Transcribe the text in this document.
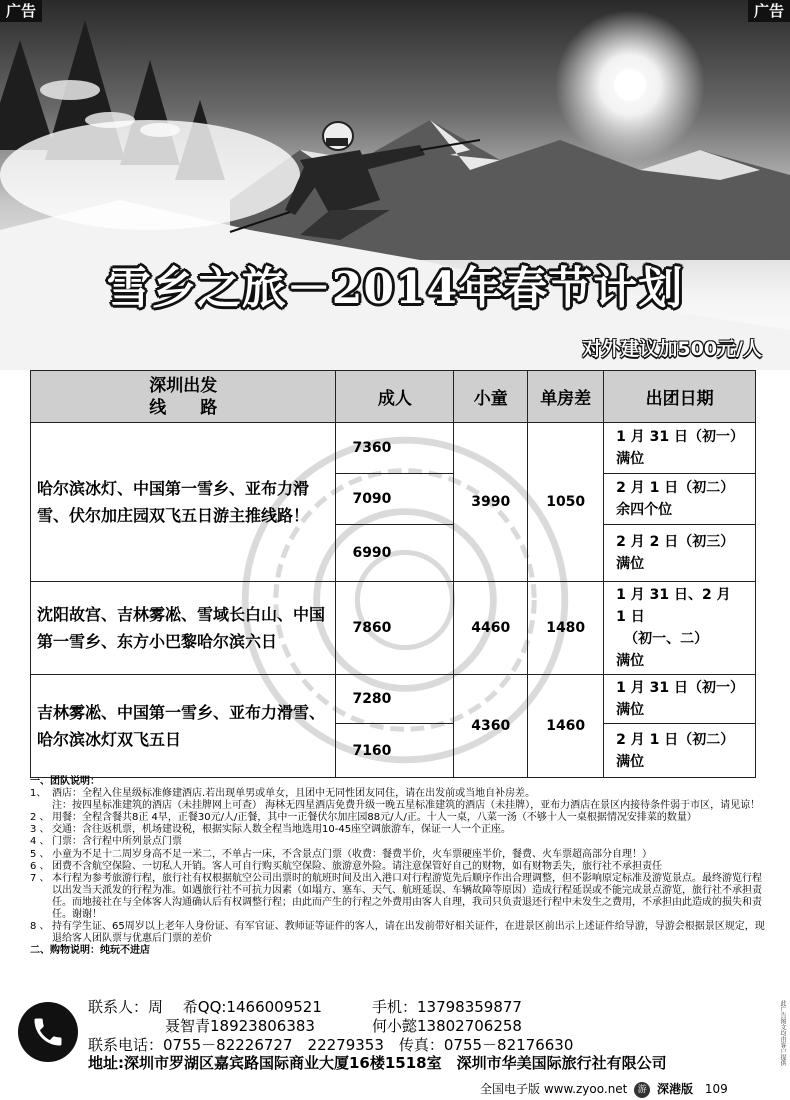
广告	广告
雪乡之旅－2014年春节计划
对外建议加500元/人
深圳出发
线　　路	成人	小童	单房差	出团日期
哈尔滨冰灯、中国第一雪乡、亚布力滑雪、伏尔加庄园双飞五日游主推线路！	7360	3990	1050	1 月 31 日（初一）
满位

	7090			2 月 1 日（初二）
余四个位

	6990			2 月 2 日（初三）
满位

沈阳故宫、吉林雾凇、雪域长白山、中国第一雪乡、东方小巴黎哈尔滨六日	7860	4460	1480	1 月 31 日、2 月 1 日
（初一、二）
满位

吉林雾凇、中国第一雪乡、亚布力滑雪、哈尔滨冰灯双飞五日	7280	4360	1460	1 月 31 日（初一）
满位

	7160			2 月 1 日（初二）
满位
一、团队说明：
1、 酒店：全程入住星级标准修建酒店.若出现单男或单女，且团中无同性团友同住，请在出发前或当地自补房差。
注：按四星标准建筑的酒店（未挂牌网上可查） 海林无四星酒店免费升级一晚五星标准建筑的酒店（未挂牌），亚布力酒店在景区内接待条件弱于市区，请见谅！
2 、 用餐：全程含餐共8正 4早，正餐30元/人/正餐，其中一正餐伏尔加庄园88元/人/正。十人一桌，八菜一汤（不够十人一桌根据情况安排菜的数量）
3 、 交通：含往返机票，机场建设税，根据实际人数全程当地选用10-45座空调旅游车，保证一人一个正座。
4 、 门票：含行程中所列景点门票
5 、 小童为不足十二周岁身高不足一米二，不单占一床，不含景点门票（收费：餐费半价，火车票硬座半价，餐费、火车票超高部分自理！）
6 、 团费不含航空保险、一切私人开销。客人可自行购买航空保险、旅游意外险。请注意保管好自己的财物，如有财物丢失，旅行社不承担责任
7 、 本行程为参考旅游行程，旅行社有权根据航空公司出票时的航班时间及出入港口对行程游览先后顺序作出合理调整，但不影响原定标准及游览景点。最终游览行程以出发当天派发的行程为准。如遇旅行社不可抗力因素（如塌方、塞车、天气、航班延误、车辆故障等原因）造成行程延误或不能完成景点游览，旅行社不承担责任。而地接社在与全体客人沟通确认后有权调整行程；由此而产生的行程之外费用由客人自理，我司只负责退还行程中未发生之费用，不承担由此造成的损失和责任。谢谢！
8 、 持有学生证、65周岁以上老年人身份证、有军官证、教师证等证件的客人，请在出发前带好相关证件，在进景区前出示上述证件给导游，导游会根据景区规定，现退给客人团队票与优惠后门票的差价
二、购物说明：纯玩不进店
联系人：周　 希QQ:1466009521	手机：13798359877
聂智青18923806383	何小懿13802706258
联系电话：0755－82226727　22279353　传真：0755－82176630
地址:深圳市罗湖区嘉宾路国际商业大厦16楼1518室　深圳市华美国际旅行社有限公司	此广告图文均由客户提供
全国电子版 www.zyoo.net 游 深港版 109
